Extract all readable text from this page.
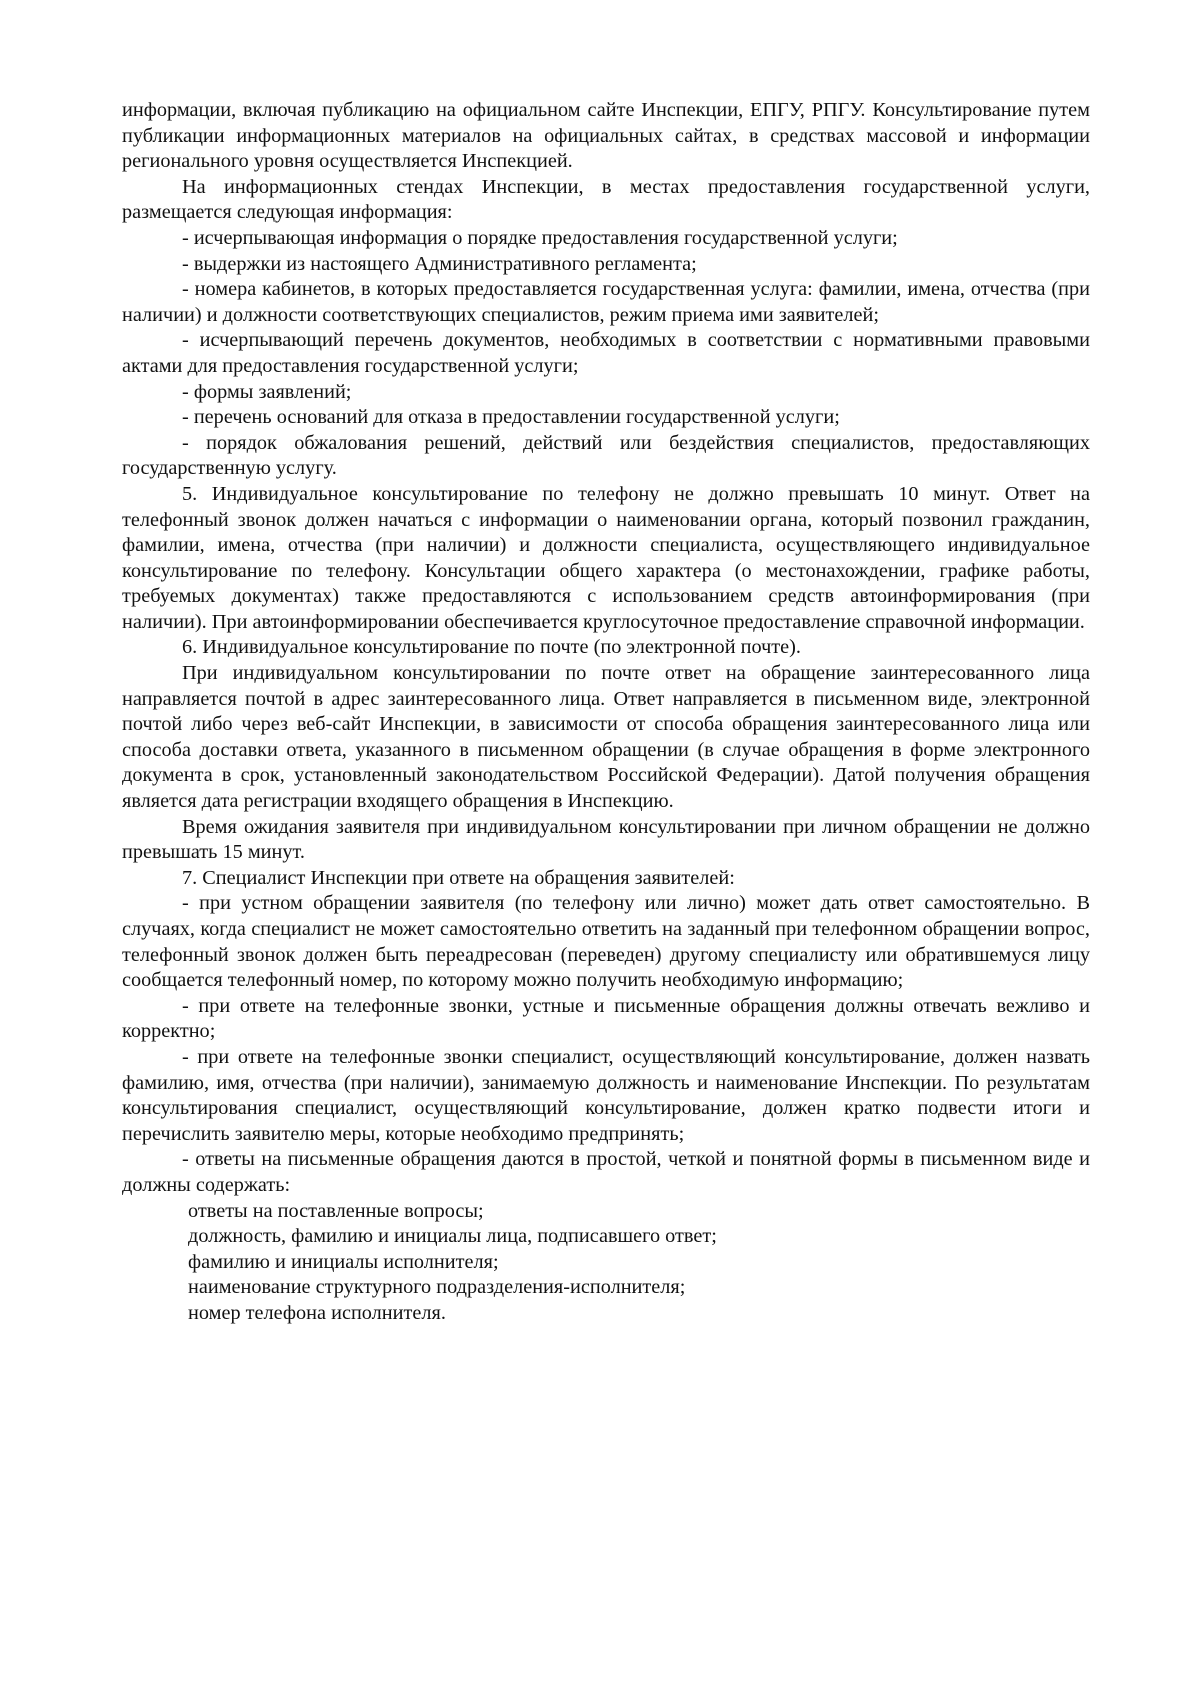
информации, включая публикацию на официальном сайте Инспекции, ЕПГУ, РПГУ. Консультирование путем публикации информационных материалов на официальных сайтах, в средствах массовой и информации регионального уровня осуществляется Инспекцией.

На информационных стендах Инспекции, в местах предоставления государственной услуги, размещается следующая информация:

- исчерпывающая информация о порядке предоставления государственной услуги;

- выдержки из настоящего Административного регламента;

- номера кабинетов, в которых предоставляется государственная услуга: фамилии, имена, отчества (при наличии) и должности соответствующих специалистов, режим приема ими заявителей;

- исчерпывающий перечень документов, необходимых в соответствии с нормативными правовыми актами для предоставления государственной услуги;

- формы заявлений;

- перечень оснований для отказа в предоставлении государственной услуги;

- порядок обжалования решений, действий или бездействия специалистов, предоставляющих государственную услугу.

5. Индивидуальное консультирование по телефону не должно превышать 10 минут. Ответ на телефонный звонок должен начаться с информации о наименовании органа, который позвонил гражданин, фамилии, имена, отчества (при наличии) и должности специалиста, осуществляющего индивидуальное консультирование по телефону. Консультации общего характера (о местонахождении, графике работы, требуемых документах) также предоставляются с использованием средств автоинформирования (при наличии). При автоинформировании обеспечивается круглосуточное предоставление справочной информации.

6. Индивидуальное консультирование по почте (по электронной почте).

При индивидуальном консультировании по почте ответ на обращение заинтересованного лица направляется почтой в адрес заинтересованного лица. Ответ направляется в письменном виде, электронной почтой либо через веб-сайт Инспекции, в зависимости от способа обращения заинтересованного лица или способа доставки ответа, указанного в письменном обращении (в случае обращения в форме электронного документа в срок, установленный законодательством Российской Федерации). Датой получения обращения является дата регистрации входящего обращения в Инспекцию.

Время ожидания заявителя при индивидуальном консультировании при личном обращении не должно превышать 15 минут.

7. Специалист Инспекции при ответе на обращения заявителей:

- при устном обращении заявителя (по телефону или лично) может дать ответ самостоятельно. В случаях, когда специалист не может самостоятельно ответить на заданный при телефонном обращении вопрос, телефонный звонок должен быть переадресован (переведен) другому специалисту или обратившемуся лицу сообщается телефонный номер, по которому можно получить необходимую информацию;

- при ответе на телефонные звонки, устные и письменные обращения должны отвечать вежливо и корректно;

- при ответе на телефонные звонки специалист, осуществляющий консультирование, должен назвать фамилию, имя, отчества (при наличии), занимаемую должность и наименование Инспекции. По результатам консультирования специалист, осуществляющий консультирование, должен кратко подвести итоги и перечислить заявителю меры, которые необходимо предпринять;

- ответы на письменные обращения даются в простой, четкой и понятной формы в письменном виде и должны содержать:

ответы на поставленные вопросы;

должность, фамилию и инициалы лица, подписавшего ответ;

фамилию и инициалы исполнителя;

наименование структурного подразделения-исполнителя;

номер телефона исполнителя.
